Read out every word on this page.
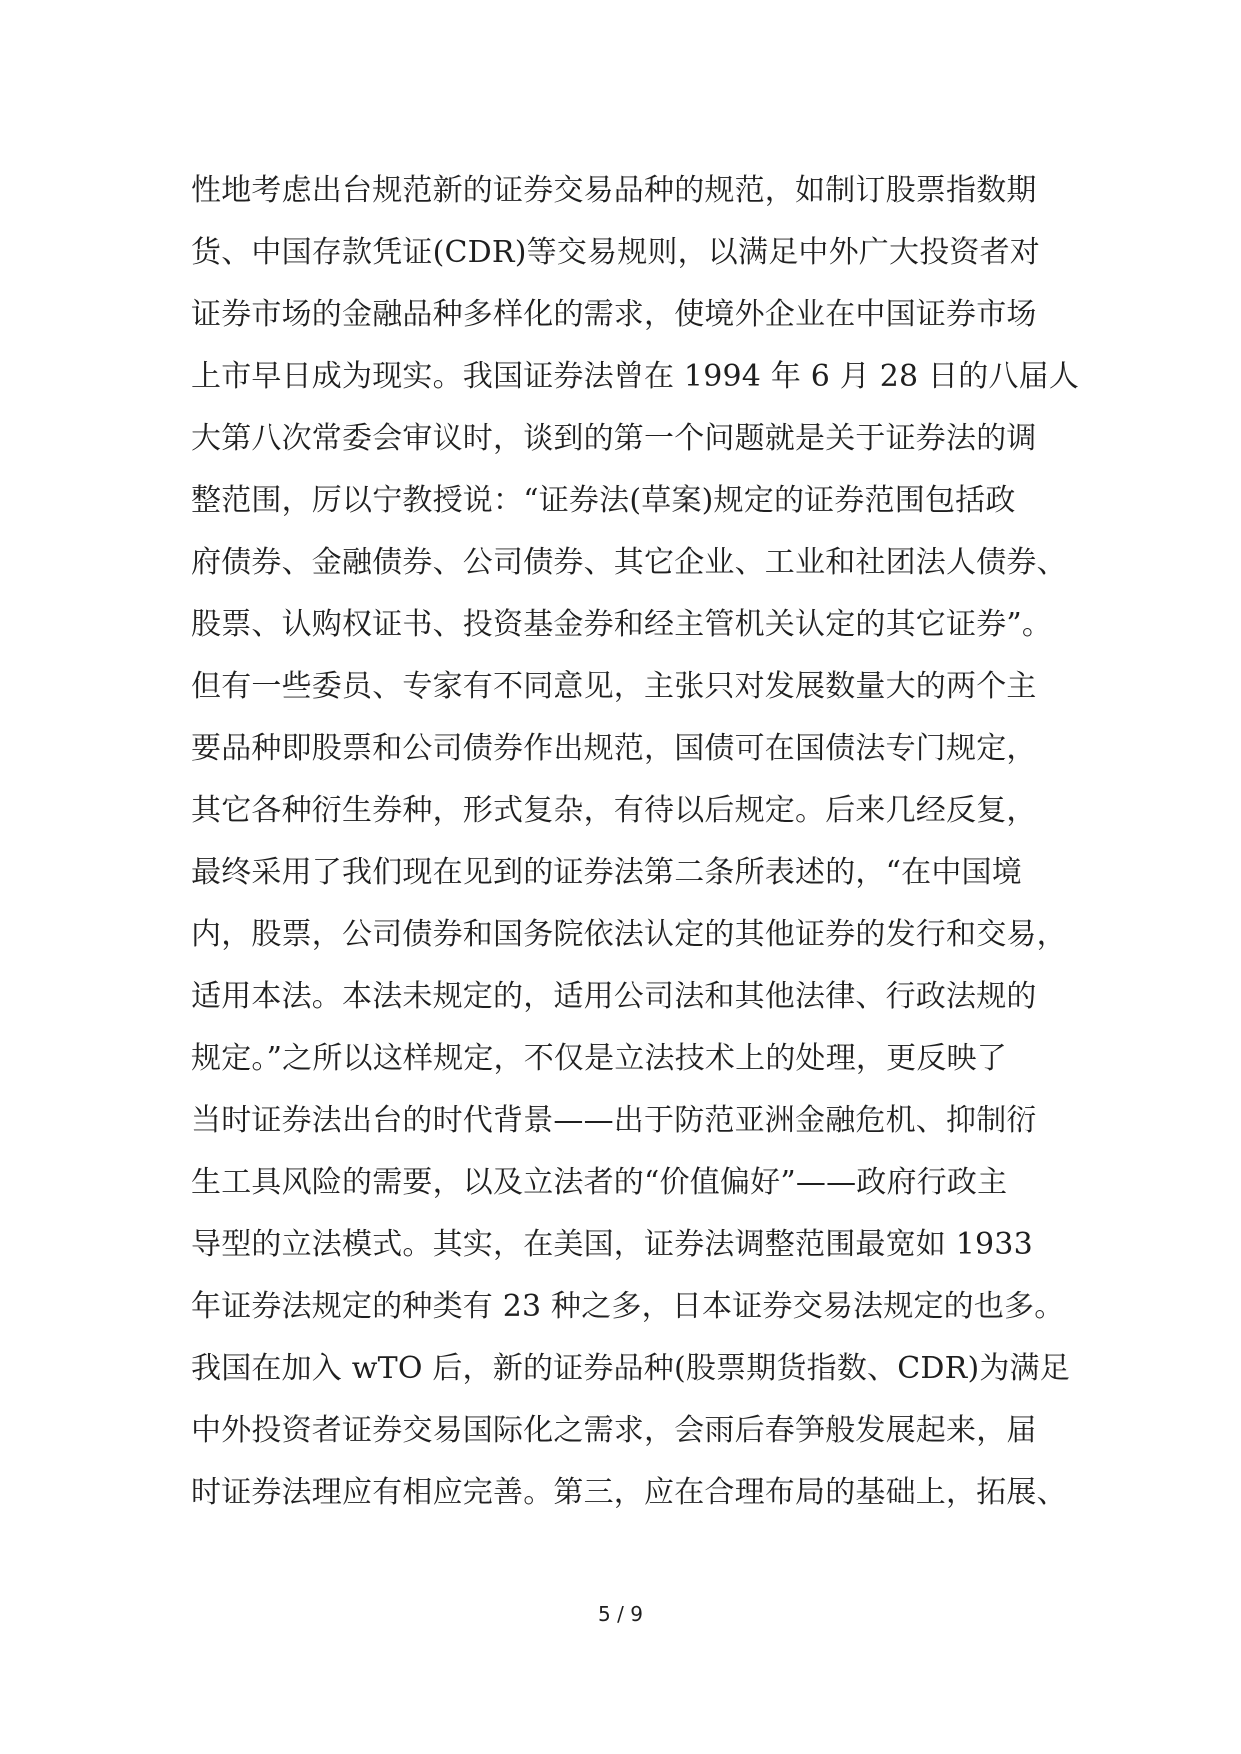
性地考虑出台规范新的证券交易品种的规范，如制订股票指数期
货、中国存款凭证(CDR)等交易规则，以满足中外广大投资者对
证券市场的金融品种多样化的需求，使境外企业在中国证券市场
上市早日成为现实。我国证券法曾在 1994 年 6 月 28 日的八届人
大第八次常委会审议时，谈到的第一个问题就是关于证券法的调
整范围，厉以宁教授说：“证券法(草案)规定的证券范围包括政
府债券、金融债券、公司债券、其它企业、工业和社团法人债券、
股票、认购权证书、投资基金券和经主管机关认定的其它证券”。
但有一些委员、专家有不同意见，主张只对发展数量大的两个主
要品种即股票和公司债券作出规范，国债可在国债法专门规定，
其它各种衍生券种，形式复杂，有待以后规定。后来几经反复，
最终采用了我们现在见到的证券法第二条所表述的，“在中国境
内，股票，公司债券和国务院依法认定的其他证券的发行和交易，
适用本法。本法未规定的，适用公司法和其他法律、行政法规的
规定。”之所以这样规定，不仅是立法技术上的处理，更反映了
当时证券法出台的时代背景——出于防范亚洲金融危机、抑制衍
生工具风险的需要，以及立法者的“价值偏好”——政府行政主
导型的立法模式。其实，在美国，证券法调整范围最宽如 1933
年证券法规定的种类有 23 种之多，日本证券交易法规定的也多。
我国在加入 wTO 后，新的证券品种(股票期货指数、CDR)为满足
中外投资者证券交易国际化之需求，会雨后春笋般发展起来，届
时证券法理应有相应完善。第三，应在合理布局的基础上，拓展、
5 / 9
